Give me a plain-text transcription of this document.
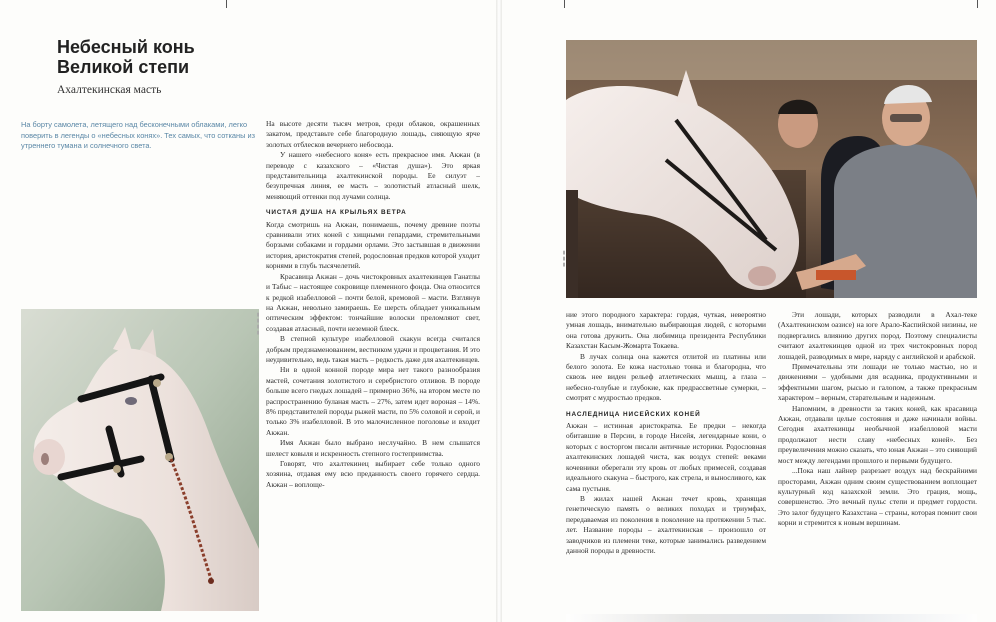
Небесный конь
Великой степи

Ахалтекинская масть

На борту самолета, летящего над бесконечными облаками, легко поверить в легенды о «небесных конях». Тех самых, что сотканы из утреннего тумана и солнечного света.

▮▮▮▮

На высоте десяти тысяч метров, среди облаков, окрашенных закатом, представьте себе благородную лошадь, сияющую ярче золотых отблесков вечернего небосвода.

У нашего «небесного коня» есть прекрасное имя. Акжан (в переводе с казахского – «Чистая душа»). Это яркая представительница ахалтекинской породы. Ее силуэт – безупречная линия, ее масть – золотистый атласный шелк, меняющий оттенки под лучами солнца.

ЧИСТАЯ ДУША НА КРЫЛЬЯХ ВЕТРА

Когда смотришь на Акжан, понимаешь, почему древние поэты сравнивали этих коней с хищными гепардами, стремительными борзыми собаками и гордыми орлами. Это застывшая в движении история, аристократия степей, родословная предков которой уходит корнями в глубь тысячелетий.

Красавица Акжан – дочь чистокровных ахалтекинцев Ганатлы и Табыс – настоящее сокровище племенного фонда. Она относится к редкой изабелловой – почти белой, кремовой – масти. Взглянув на Акжан, невольно замираешь. Ее шерсть обладает уникальным оптическим эффектом: тончайшие волоски преломляют свет, создавая атласный, почти неземной блеск.

В степной культуре изабелловой скакун всегда считался добрым предзнаменованием, вестником удачи и процветания. И это неудивительно, ведь такая масть – редкость даже для ахалтекинцев.

Ни в одной конной породе мира нет такого разнообразия мастей, сочетания золотистого и серебристого отливов. В породе больше всего гнедых лошадей – примерно 36%, на втором месте по распространению буланая масть – 27%, затем идет вороная – 14%. 8% представителей породы рыжей масти, по 5% соловой и серой, и только 3% изабелловой. В это малочисленное поголовье и входит Акжан.

Имя Акжан было выбрано неслучайно. В нем слышатся шелест ковыля и искренность степного гостеприимства.

Говорят, что ахалтекинец выбирает себе только одного хозяина, отдавая ему всю преданность своего горячего сердца. Акжан – воплоще-

▮▮▮

ние этого породного характера: гордая, чуткая, невероятно умная лошадь, внимательно выбирающая людей, с которыми она готова дружить. Она любимица президента Республики Казахстан Касым-Жомарта Токаева.

В лучах солнца она кажется отлитой из платины или белого золота. Ее кожа настолько тонка и благородна, что сквозь нее виден рельеф атлетических мышц, а глаза – небесно-голубые и глубокие, как предрассветные сумерки, – смотрят с мудростью предков.

НАСЛЕДНИЦА НИСЕЙСКИХ КОНЕЙ

Акжан – истинная аристократка. Ее предки – некогда обитавшие в Персии, в городе Нисейя, легендарные кони, о которых с восторгом писали античные историки. Родословная ахалтекинских лошадей чиста, как воздух степей: веками кочевники оберегали эту кровь от любых примесей, создавая идеального скакуна – быстрого, как стрела, и выносливого, как сама пустыня.

В жилах нашей Акжан течет кровь, хранящая генетическую память о великих походах и триумфах, передаваемая из поколения в поколение на протяжении 5 тыс. лет. Название породы – ахалтекинская – произошло от заводчиков из племени теке, которые занимались разведением данной породы в древности.

Эти лошади, которых разводили в Ахал-теке (Ахалтекинском оазисе) на юге Арало-Каспийской низины, не подвергались влиянию других пород. Поэтому специалисты считают ахалтекинцев одной из трех чистокровных пород лошадей, разводимых в мире, наряду с английской и арабской.

Примечательны эти лошади не только мастью, но и движениями – удобными для всадника, продуктивными и эффектными шагом, рысью и галопом, а также прекрасным характером – верным, старательным и надежным.

Напомним, в древности за таких коней, как красавица Акжан, отдавали целые состояния и даже начинали войны. Сегодня ахалтекинцы необычной изабелловой масти продолжают нести славу «небесных коней». Без преувеличения можно сказать, что юная Акжан – это сияющий мост между легендами прошлого и первыми будущего.

...Пока наш лайнер разрезает воздух над бескрайними просторами, Акжан одним своим существованием воплощает культурный код казахской земли. Это грация, мощь, совершенство. Это вечный пульс степи и предмет гордости. Это залог будущего Казахстана – страны, которая помнит свои корни и стремится к новым вершинам.
